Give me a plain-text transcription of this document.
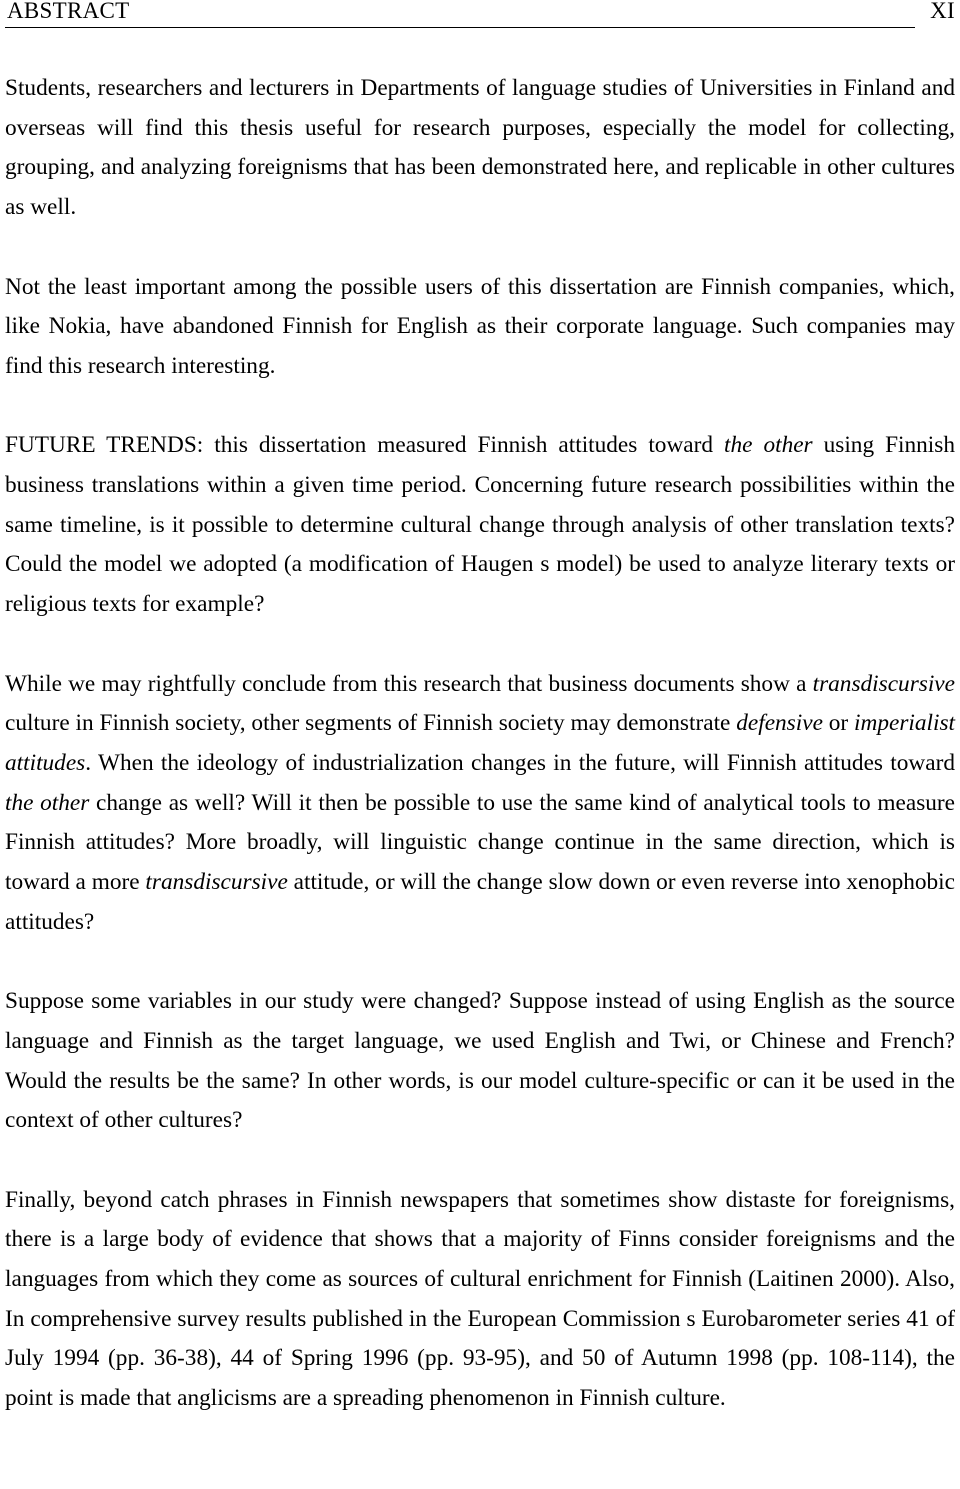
ABSTRACT	XI

Students, researchers and lecturers in Departments of language studies of Universities in Finland and overseas will find this thesis useful for research purposes, especially the model for collecting, grouping, and analyzing foreignisms that has been demonstrated here, and replicable in other cultures as well.

Not the least important among the possible users of this dissertation are Finnish companies, which, like Nokia, have abandoned Finnish for English as their corporate language. Such companies may find this research interesting.

FUTURE TRENDS: this dissertation measured Finnish attitudes toward the other using Finnish business translations within a given time period. Concerning future research possibilities within the same timeline, is it possible to determine cultural change through analysis of other translation texts? Could the model we adopted (a modification of Haugen s model) be used to analyze literary texts or religious texts for example?

While we may rightfully conclude from this research that business documents show a transdiscursive culture in Finnish society, other segments of Finnish society may demonstrate defensive or imperialist attitudes. When the ideology of industrialization changes in the future, will Finnish attitudes toward the other change as well? Will it then be possible to use the same kind of analytical tools to measure Finnish attitudes? More broadly, will linguistic change continue in the same direction, which is toward a more transdiscursive attitude, or will the change slow down or even reverse into xenophobic attitudes?

Suppose some variables in our study were changed? Suppose instead of using English as the source language and Finnish as the target language, we used English and Twi, or Chinese and French? Would the results be the same? In other words, is our model culture-specific or can it be used in the context of other cultures?

Finally, beyond catch phrases in Finnish newspapers that sometimes show distaste for foreignisms, there is a large body of evidence that shows that a majority of Finns consider foreignisms and the languages from which they come as sources of cultural enrichment for Finnish (Laitinen 2000). Also, In comprehensive survey results published in the European Commission s Eurobarometer series 41 of July 1994 (pp. 36-38), 44 of Spring 1996 (pp. 93-95), and 50 of Autumn 1998 (pp. 108-114), the point is made that anglicisms are a spreading phenomenon in Finnish culture.
